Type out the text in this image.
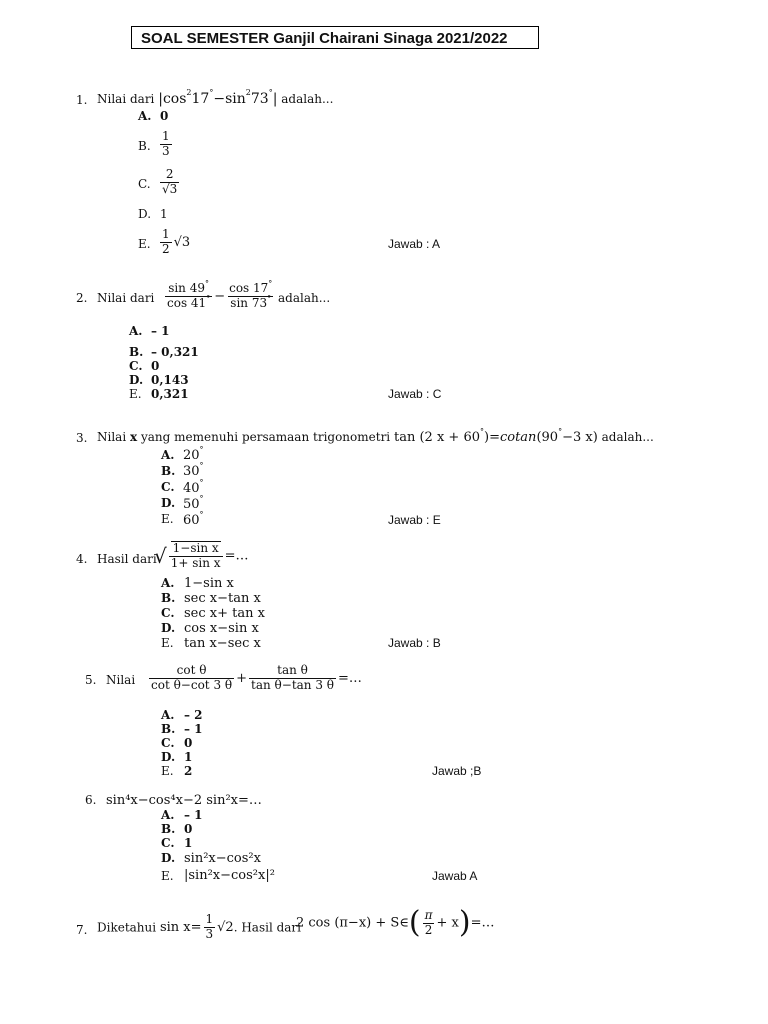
SOAL SEMESTER Ganjil Chairani Sinaga 2021/2022
1. Nilai dari $|\cos^217^\circ-\sin^273^\circ|$ adalah...
A. 0
B. $\frac{1}{3}$
C. $\frac{2}{√3}$
D. 1
E. $\frac{1}{2} √3$	Jawab : A
2. Nilai dari $\frac{\sin 49^\circ}{\cos 41^\circ} - \frac{\cos 17^\circ}{\sin 73^\circ}$ adalah...
A. – 1
B. – 0,321
C. 0
D. 0,143
E. 0,321	Jawab : C
3. Nilai x yang memenuhi persamaan trigonometri tan (2 x + 60°)=cotan(90°−3 x) adalah...
A. 20°
B. 30°
C. 40°
D. 50°
E. 60°	Jawab : E
4. Hasil dari
√ $\frac{\text{1−sin x}}{\text{1+ sin x}}$ =…
A. 1−sin x
B. sec x−tan x
C. sec x+ tan x
D. cos x−sin x
E. tan x−sec x	Jawab : B
5. Nilai $\frac{\text{cot θ}}{\text{cot θ−cot 3 θ}} + \frac{\text{tan θ}}{\text{tan θ−tan 3 θ}}$ =…
A. – 2
B. – 1
C. 0
D. 1
E. 2	Jawab ;B
6. sin⁴x−cos⁴x−2 sin²x=…
A. – 1
B. 0
C. 1
D. sin²x−cos²x
E. |sin²x−cos²x|²	Jawab A
7. Diketahui $\sin x= \frac{1}{3} √2$. Hasil dari
2 cos (π−x) + S∈( $\frac{\pi}{2}$ + x)=…
